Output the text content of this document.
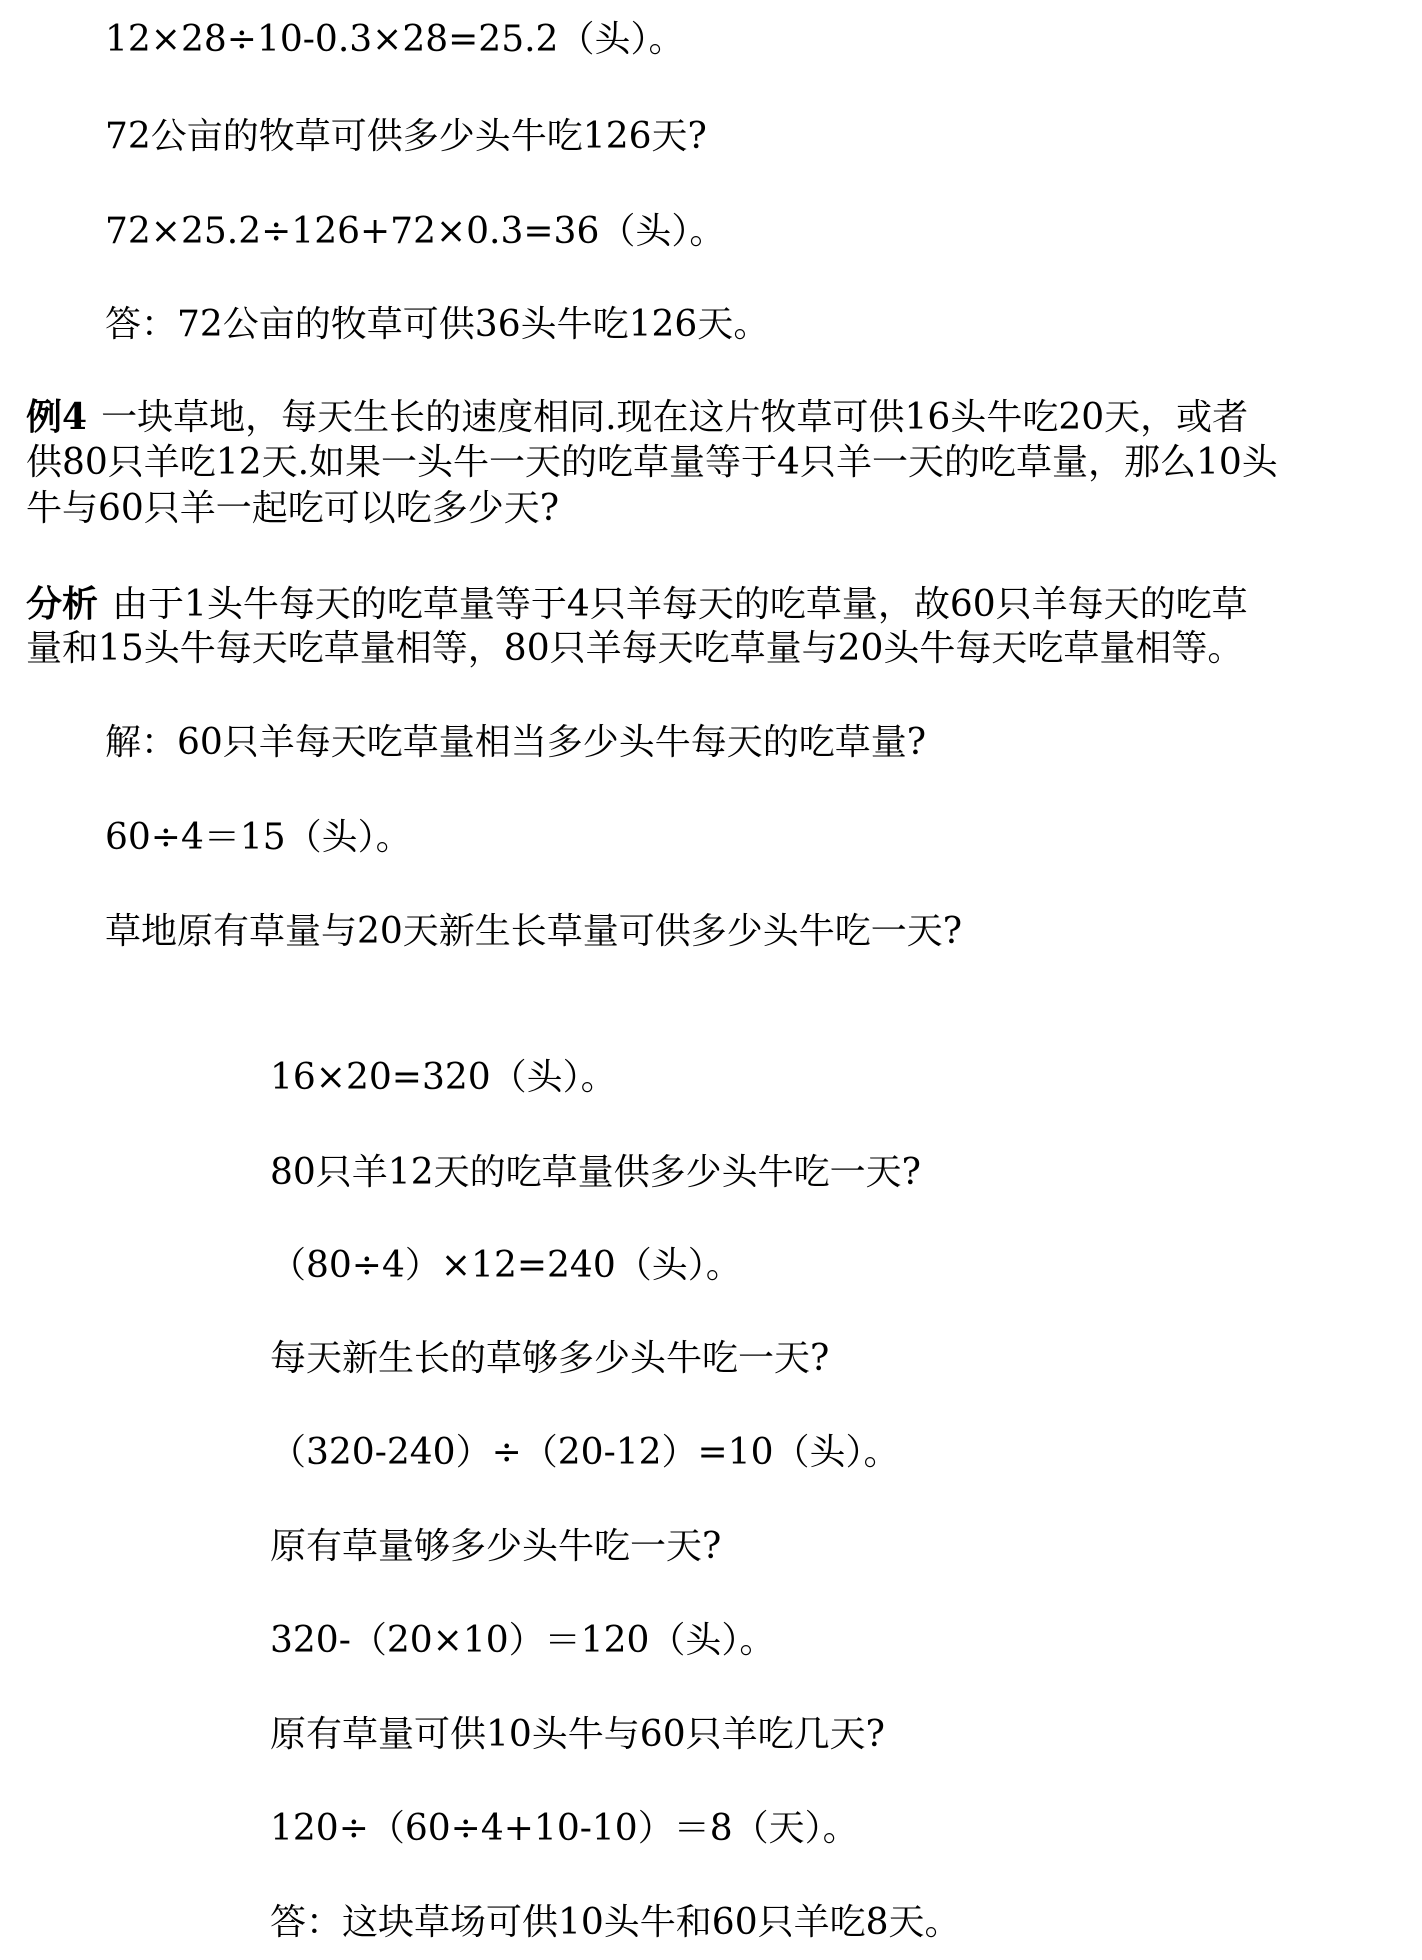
12×28÷10-0.3×28=25.2（头）。
72公亩的牧草可供多少头牛吃126天?
72×25.2÷126+72×0.3=36（头）。
答：72公亩的牧草可供36头牛吃126天。
例4 一块草地，每天生长的速度相同.现在这片牧草可供16头牛吃20天，或者
供80只羊吃12天.如果一头牛一天的吃草量等于4只羊一天的吃草量，那么10头
牛与60只羊一起吃可以吃多少天?
分析 由于1头牛每天的吃草量等于4只羊每天的吃草量，故60只羊每天的吃草
量和15头牛每天吃草量相等，80只羊每天吃草量与20头牛每天吃草量相等。
解：60只羊每天吃草量相当多少头牛每天的吃草量?
60÷4＝15（头）。
草地原有草量与20天新生长草量可供多少头牛吃一天?
16×20=320（头）。
80只羊12天的吃草量供多少头牛吃一天?
（80÷4）×12=240（头）。
每天新生长的草够多少头牛吃一天?
（320-240）÷（20-12）=10（头）。
原有草量够多少头牛吃一天?
320-（20×10）＝120（头）。
原有草量可供10头牛与60只羊吃几天?
120÷（60÷4+10-10）＝8（天）。
答：这块草场可供10头牛和60只羊吃8天。
